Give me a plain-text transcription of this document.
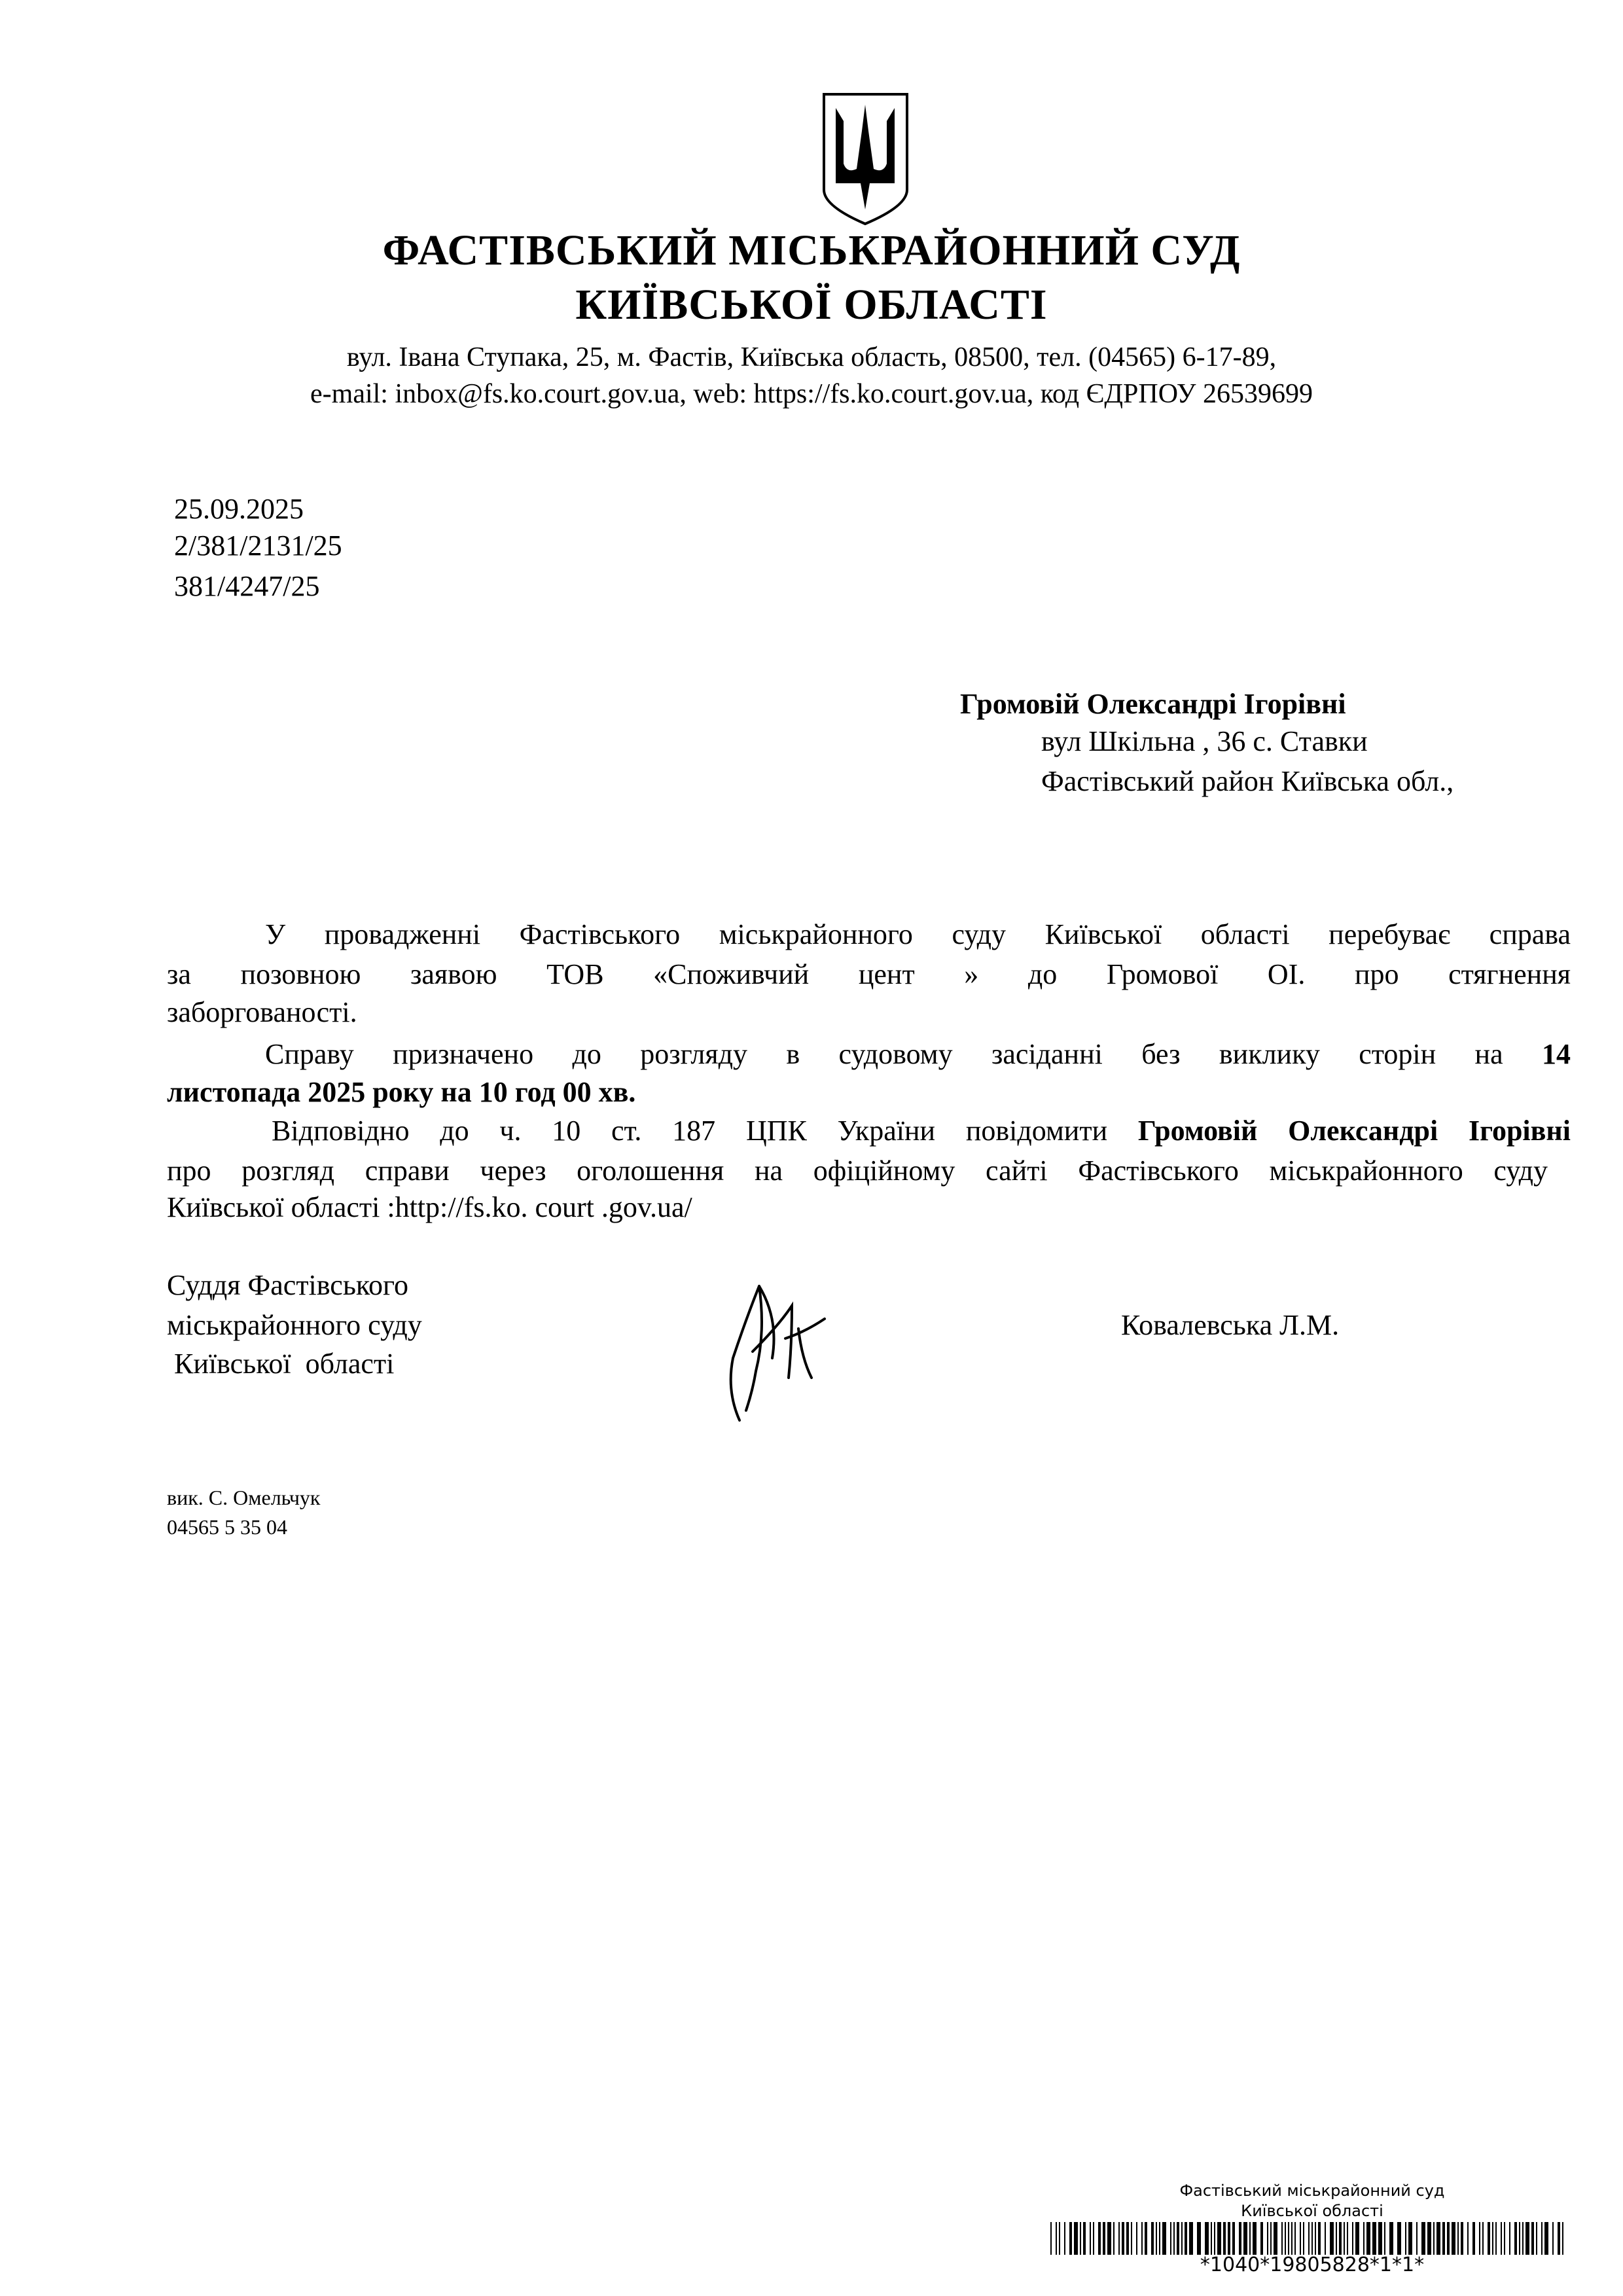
ФАСТІВСЬКИЙ МІСЬКРАЙОННИЙ СУД
КИЇВСЬКОЇ ОБЛАСТІ
вул. Івана Ступака, 25, м. Фастів, Київська область, 08500, тел. (04565) 6-17-89,
e-mail: inbox@fs.ko.court.gov.ua, web: https://fs.ko.court.gov.ua, код ЄДРПОУ 26539699
25.09.2025
2/381/2131/25
381/4247/25
Громовій Олександрі Ігорівні
вул Шкільна , 36 с. Ставки
Фастівський район Київська обл.,
У провадженні Фастівського міськрайонного суду Київської області перебуває справа
за позовною заявою ТОВ «Споживчий цент » до Громової ОІ. про стягнення
заборгованості.
Справу призначено до розгляду в судовому засіданні без виклику сторін на 14
листопада 2025 року на 10 год 00 хв.
Відповідно до ч. 10 ст. 187 ЦПК України повідомити Громовій Олександрі Ігорівні
про розгляд справи через оголошення на офіційному сайті Фастівського міськрайонного суду
Київської області :http://fs.ko. court .gov.ua/
Суддя Фастівського
міськрайонного суду
Київської  області
Ковалевська Л.М.
вик. С. Омельчук
04565 5 35 04
Фастівський міськрайонний суд
Київської області
*1040*19805828*1*1*
